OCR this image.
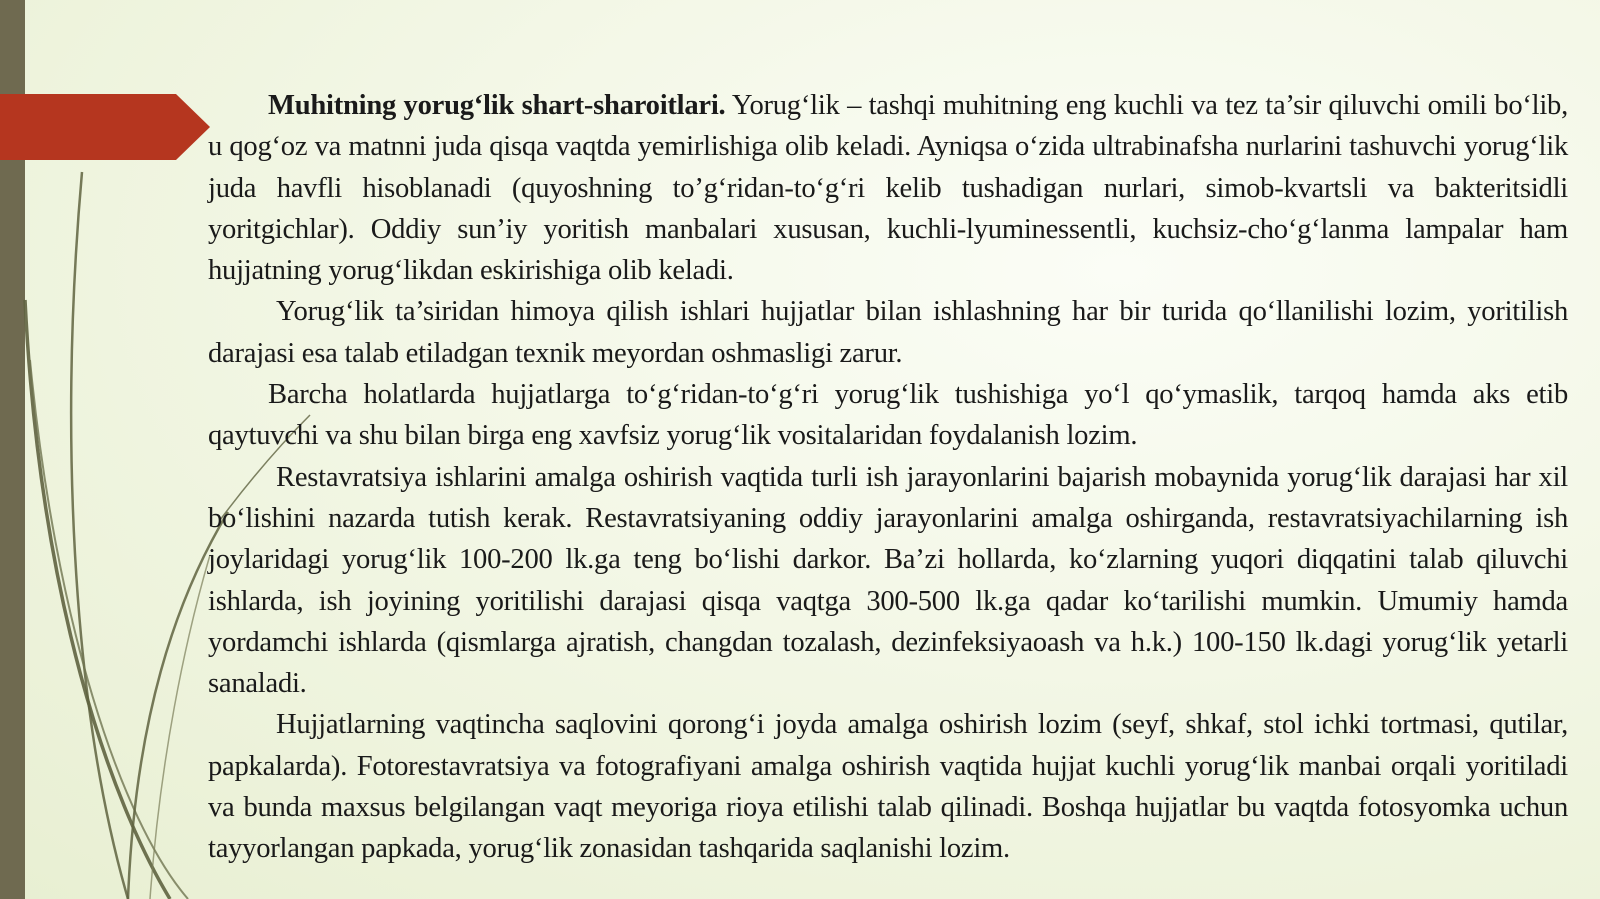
Muhitning yorug‘lik shart-sharoitlari. Yorug‘lik – tashqi muhitning eng kuchli va tez ta’sir qiluvchi omili bo‘lib, u qog‘oz va matnni juda qisqa vaqtda yemirlishiga olib keladi. Ayniqsa o‘zida ultrabinafsha nurlarini tashuvchi yorug‘lik juda havfli hisoblanadi (quyoshning to’g‘ridan-to‘g‘ri kelib tushadigan nurlari, simob-kvartsli va bakteritsidli yoritgichlar). Oddiy sun’iy yoritish manbalari xususan, kuchli-lyuminessentli, kuchsiz-cho‘g‘lanma lampalar ham hujjatning yorug‘likdan eskirishiga olib keladi.

Yorug‘lik ta’siridan himoya qilish ishlari hujjatlar bilan ishlashning har bir turida qo‘llanilishi lozim, yoritilish darajasi esa talab etiladgan texnik meyordan oshmasligi zarur.

Barcha holatlarda hujjatlarga to‘g‘ridan-to‘g‘ri yorug‘lik tushishiga yo‘l qo‘ymaslik, tarqoq hamda aks etib qaytuvchi va shu bilan birga eng xavfsiz yorug‘lik vositalaridan foydalanish lozim.

Restavratsiya ishlarini amalga oshirish vaqtida turli ish jarayonlarini bajarish mobaynida yorug‘lik darajasi har xil bo‘lishini nazarda tutish kerak. Restavratsiyaning oddiy jarayonlarini amalga oshirganda, restavratsiyachilarning ish joylaridagi yorug‘lik 100-200 lk.ga teng bo‘lishi darkor. Ba’zi hollarda, ko‘zlarning yuqori diqqatini talab qiluvchi ishlarda, ish joyining yoritilishi darajasi qisqa vaqtga 300-500 lk.ga qadar ko‘tarilishi mumkin. Umumiy hamda yordamchi ishlarda (qismlarga ajratish, changdan tozalash, dezinfeksiyaoash va h.k.) 100-150 lk.dagi yorug‘lik yetarli sanaladi.

Hujjatlarning vaqtincha saqlovini qorong‘i joyda amalga oshirish lozim (seyf, shkaf, stol ichki tortmasi, qutilar, papkalarda). Fotorestavratsiya va fotografiyani amalga oshirish vaqtida hujjat kuchli yorug‘lik manbai orqali yoritiladi va bunda maxsus belgilangan vaqt meyoriga rioya etilishi talab qilinadi. Boshqa hujjatlar bu vaqtda fotosyomka uchun tayyorlangan papkada, yorug‘lik zonasidan tashqarida saqlanishi lozim.
